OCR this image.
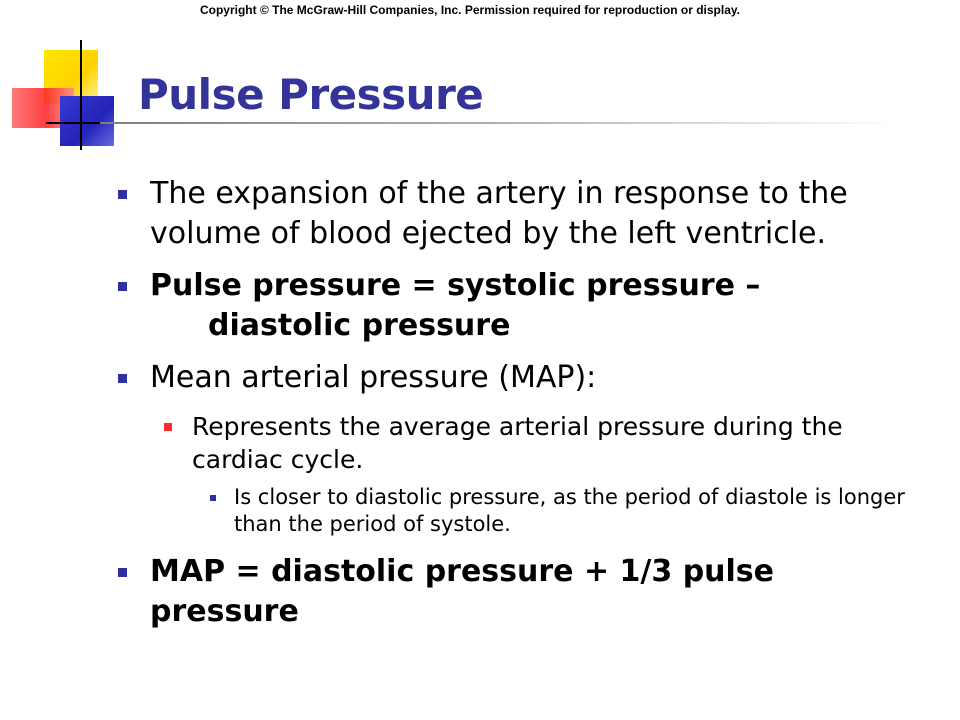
Copyright © The McGraw-Hill Companies, Inc. Permission required for reproduction or display.
Pulse Pressure
The expansion of the artery in response to the volume of blood ejected by the left ventricle.
Pulse pressure = systolic pressure –
diastolic pressure
Mean arterial pressure (MAP):
Represents the average arterial pressure during the cardiac cycle.
Is closer to diastolic pressure, as the period of diastole is longer than the period of systole.
MAP = diastolic pressure + 1/3 pulse pressure
